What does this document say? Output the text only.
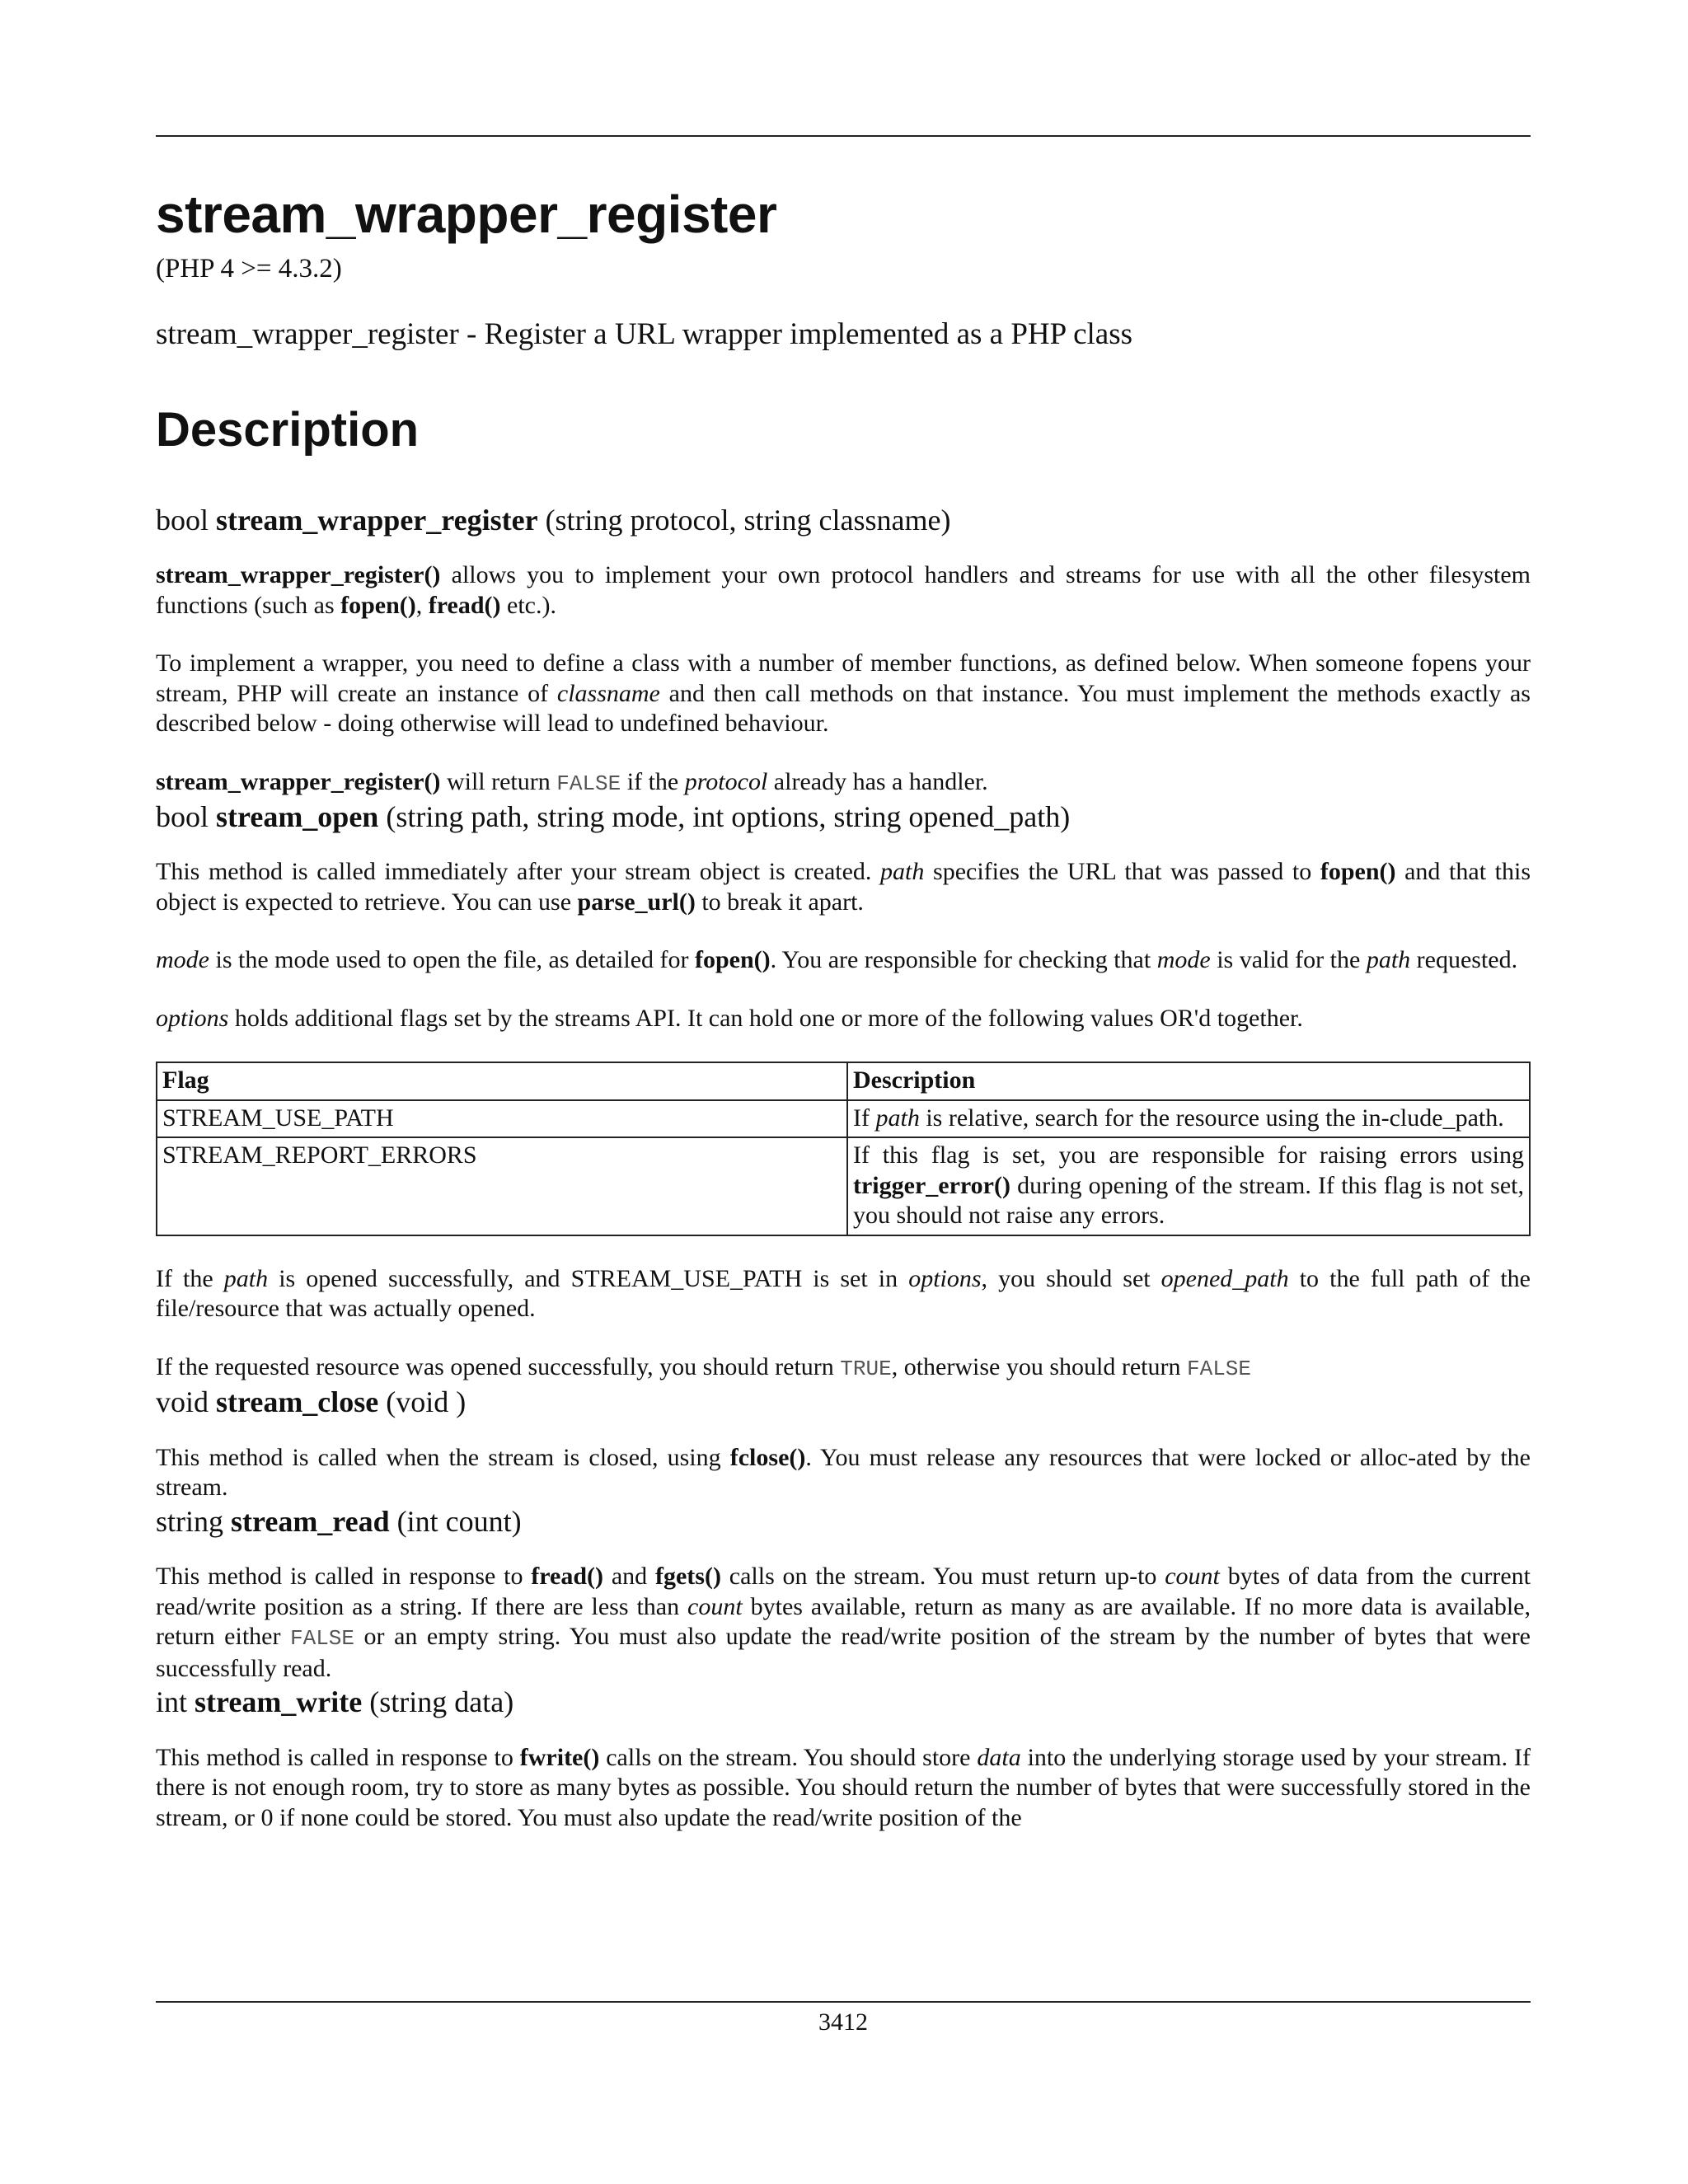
stream_wrapper_register
(PHP 4 >= 4.3.2)
stream_wrapper_register - Register a URL wrapper implemented as a PHP class
Description
bool stream_wrapper_register (string protocol, string classname)

stream_wrapper_register() allows you to implement your own protocol handlers and streams for use with all the other filesystem functions (such as fopen(), fread() etc.).

To implement a wrapper, you need to define a class with a number of member functions, as defined below. When someone fopens your stream, PHP will create an instance of classname and then call methods on that instance. You must implement the methods exactly as described below - doing otherwise will lead to undefined behaviour.

stream_wrapper_register() will return FALSE if the protocol already has a handler.

bool stream_open (string path, string mode, int options, string opened_path)

This method is called immediately after your stream object is created. path specifies the URL that was passed to fopen() and that this object is expected to retrieve. You can use parse_url() to break it apart.

mode is the mode used to open the file, as detailed for fopen(). You are responsible for checking that mode is valid for the path requested.

options holds additional flags set by the streams API. It can hold one or more of the following values OR'd together.

Flag	Description
STREAM_USE_PATH	If path is relative, search for the resource using the in-clude_path.
STREAM_REPORT_ERRORS	If this flag is set, you are responsible for raising errors using trigger_error() during opening of the stream. If this flag is not set, you should not raise any errors.

If the path is opened successfully, and STREAM_USE_PATH is set in options, you should set opened_path to the full path of the file/resource that was actually opened.

If the requested resource was opened successfully, you should return TRUE, otherwise you should return FALSE

void stream_close (void )

This method is called when the stream is closed, using fclose(). You must release any resources that were locked or alloc-ated by the stream.

string stream_read (int count)

This method is called in response to fread() and fgets() calls on the stream. You must return up-to count bytes of data from the current read/write position as a string. If there are less than count bytes available, return as many as are available. If no more data is available, return either FALSE or an empty string. You must also update the read/write position of the stream by the number of bytes that were successfully read.

int stream_write (string data)

This method is called in response to fwrite() calls on the stream. You should store data into the underlying storage used by your stream. If there is not enough room, try to store as many bytes as possible. You should return the number of bytes that were successfully stored in the stream, or 0 if none could be stored. You must also update the read/write position of the

3412
